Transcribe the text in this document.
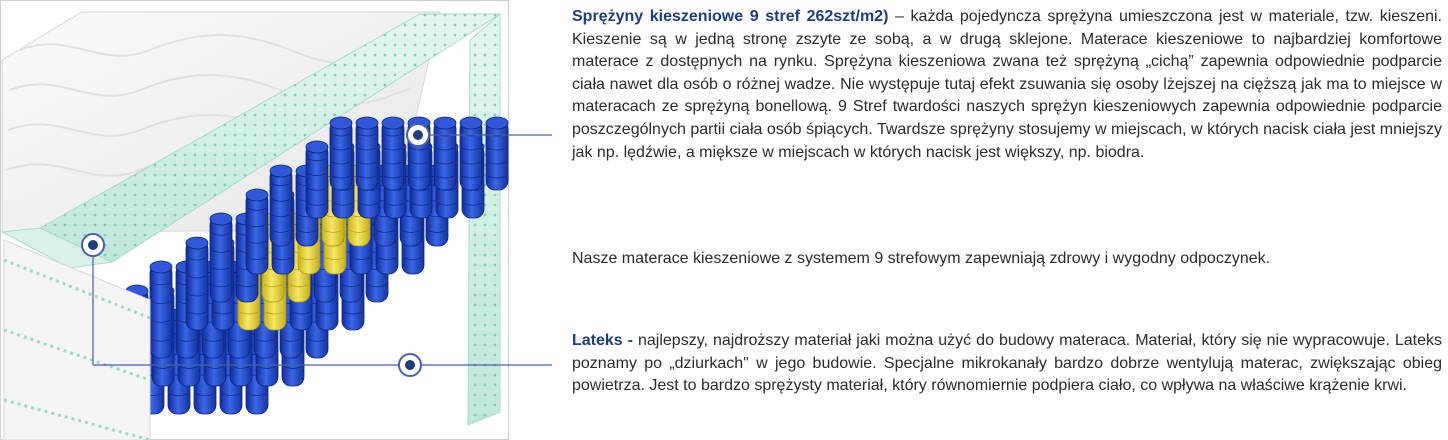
Sprężyny kieszeniowe 9 stref 262szt/m2) – każda pojedyncza sprężyna umieszczona jest w materiale, tzw. kieszeni. Kieszenie są w jedną stronę zszyte ze sobą, a w drugą sklejone. Materace kieszeniowe to najbardziej komfortowe materace z dostępnych na rynku. Sprężyna kieszeniowa zwana też sprężyną „cichą” zapewnia odpowiednie podparcie ciała nawet dla osób o różnej wadze. Nie występuje tutaj efekt zsuwania się osoby lżejszej na cięższą jak ma to miejsce w materacach ze sprężyną bonellową. 9 Stref twardości naszych sprężyn kieszeniowych zapewnia odpowiednie podparcie poszczególnych partii ciała osób śpiących. Twardsze sprężyny stosujemy w miejscach, w których nacisk ciała jest mniejszy jak np. lędźwie, a miększe w miejscach w których nacisk jest większy, np. biodra.
Nasze materace kieszeniowe z systemem 9 strefowym zapewniają zdrowy i wygodny odpoczynek.
Lateks - najlepszy, najdroższy materiał jaki można użyć do budowy materaca. Materiał, który się nie wypracowuje. Lateks poznamy po „dziurkach" w jego budowie. Specjalne mikrokanały bardzo dobrze wentylują materac, zwiększając obieg powietrza. Jest to bardzo sprężysty materiał, który równomiernie podpiera ciało, co wpływa na właściwe krążenie krwi.
